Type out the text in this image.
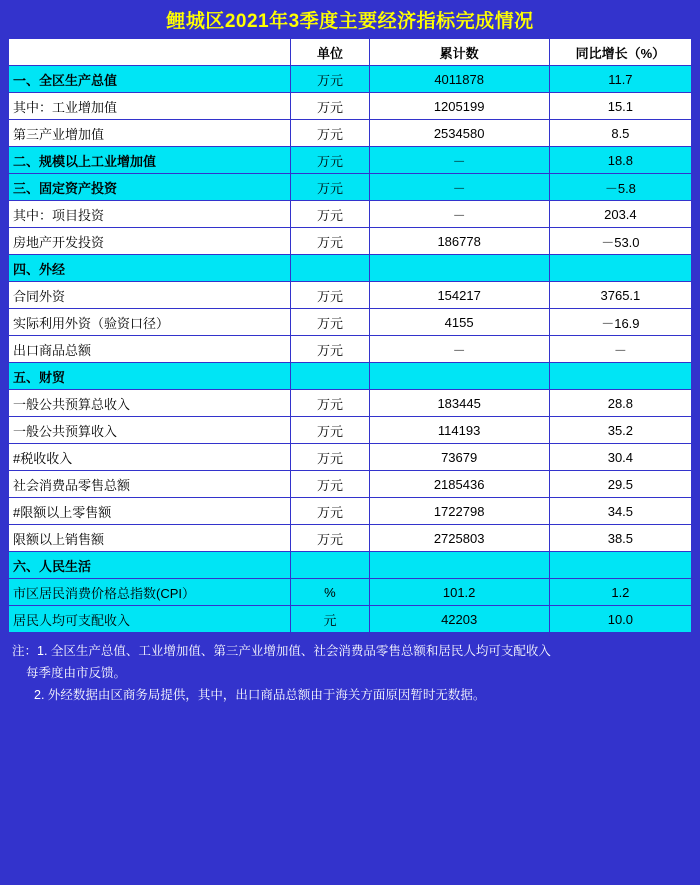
鲤城区2021年3季度主要经济指标完成情况
	单位	累计数	同比增长（%）
一、全区生产总值	万元	4011878	11.7
其中：工业增加值	万元	1205199	15.1
第三产业增加值	万元	2534580	8.5
二、规模以上工业增加值	万元	－	18.8
三、固定资产投资	万元	－	－5.8
其中：项目投资	万元	－	203.4
房地产开发投资	万元	186778	－53.0
四、外经			
合同外资	万元	154217	3765.1
实际利用外资（验资口径）	万元	4155	－16.9
出口商品总额	万元	－	－
五、财贸			
一般公共预算总收入	万元	183445	28.8
一般公共预算收入	万元	114193	35.2
#税收收入	万元	73679	30.4
社会消费品零售总额	万元	2185436	29.5
#限额以上零售额	万元	1722798	34.5
限额以上销售额	万元	2725803	38.5
六、人民生活			
市区居民消费价格总指数(CPI）	%	101.2	1.2
居民人均可支配收入	元	42203	10.0

注：1. 全区生产总值、工业增加值、第三产业增加值、社会消费品零售总额和居民人均可支配收入

每季度由市反馈。

2. 外经数据由区商务局提供，其中，出口商品总额由于海关方面原因暂时无数据。
